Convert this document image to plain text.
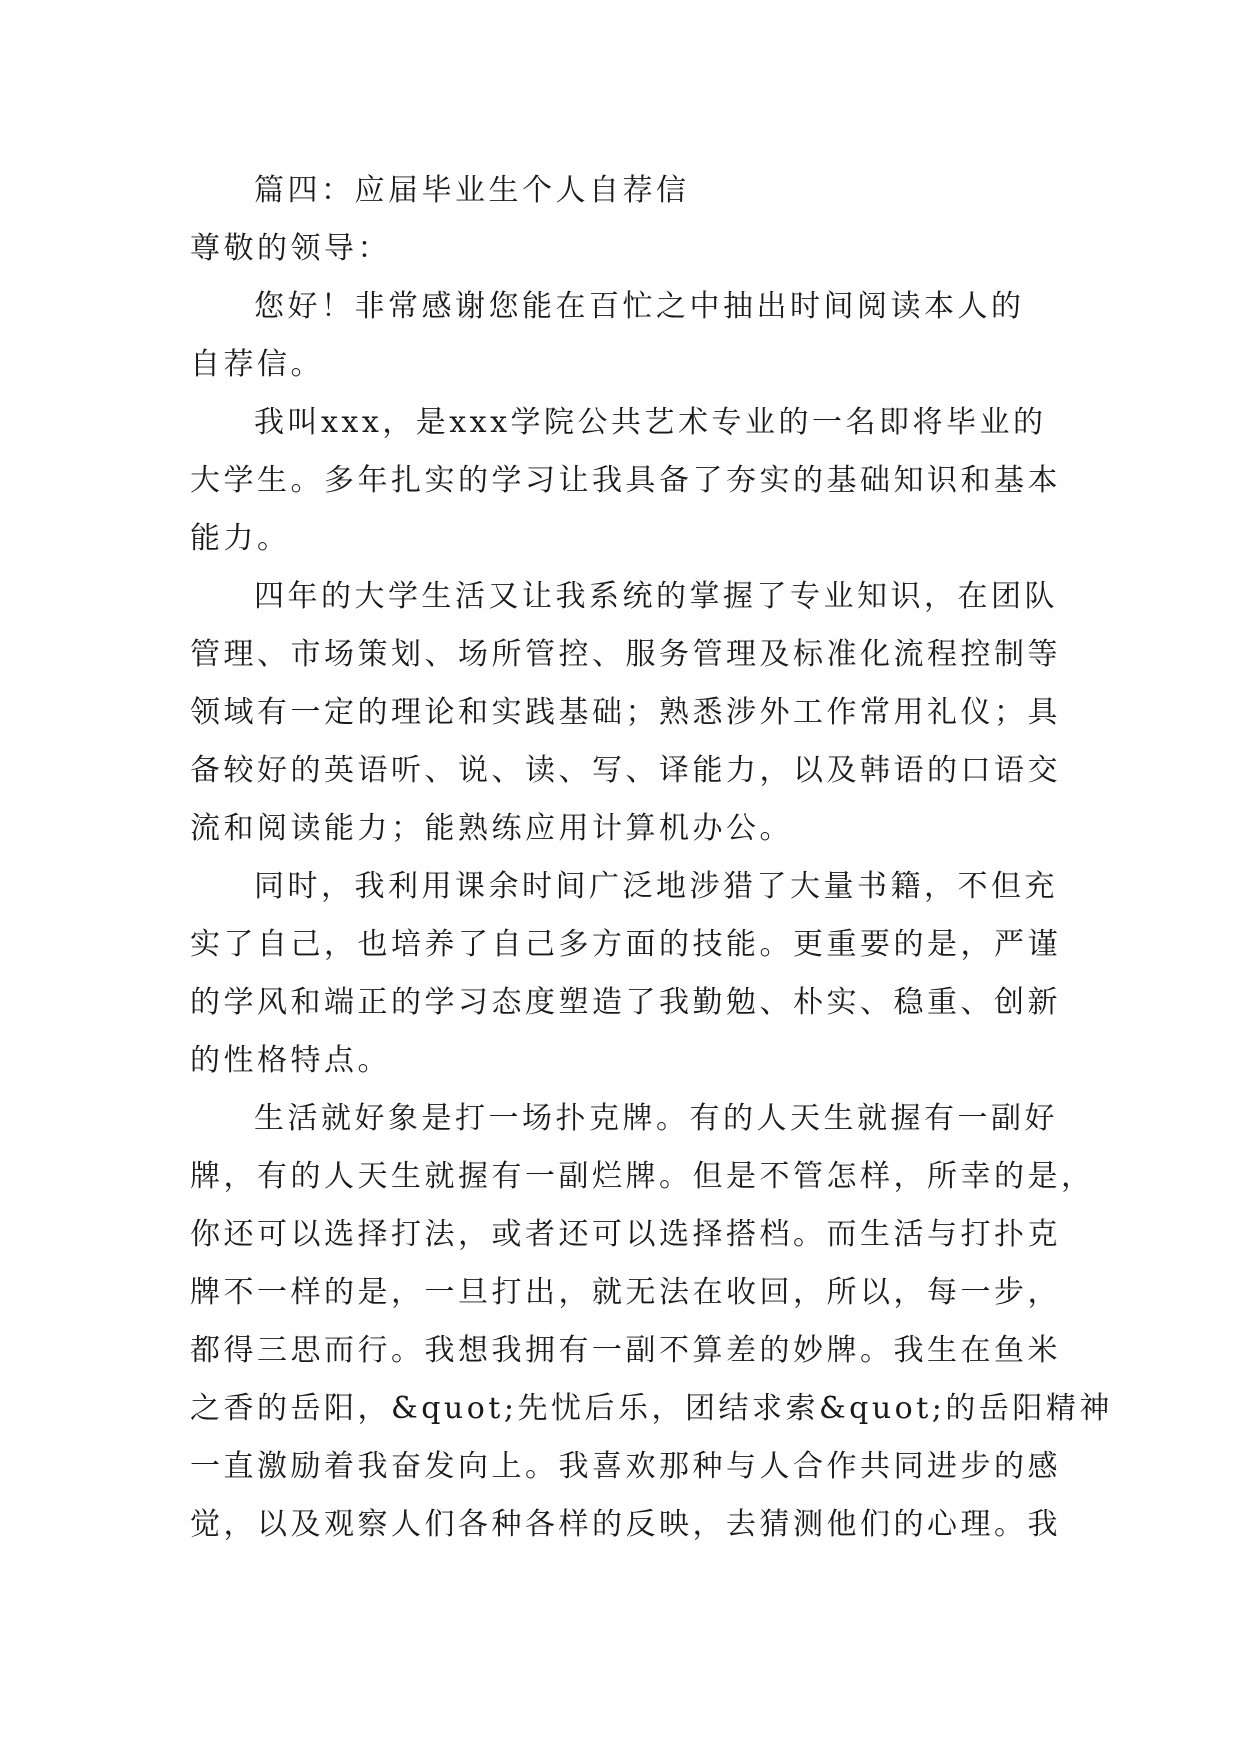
篇四：应届毕业生个人自荐信
尊敬的领导：
您好！非常感谢您能在百忙之中抽出时间阅读本人的
自荐信。
我叫xxx，是xxx学院公共艺术专业的一名即将毕业的
大学生。多年扎实的学习让我具备了夯实的基础知识和基本
能力。
四年的大学生活又让我系统的掌握了专业知识，在团队
管理、市场策划、场所管控、服务管理及标准化流程控制等
领域有一定的理论和实践基础；熟悉涉外工作常用礼仪；具
备较好的英语听、说、读、写、译能力，以及韩语的口语交
流和阅读能力；能熟练应用计算机办公。
同时，我利用课余时间广泛地涉猎了大量书籍，不但充
实了自己，也培养了自己多方面的技能。更重要的是，严谨
的学风和端正的学习态度塑造了我勤勉、朴实、稳重、创新
的性格特点。
生活就好象是打一场扑克牌。有的人天生就握有一副好
牌，有的人天生就握有一副烂牌。但是不管怎样，所幸的是，
你还可以选择打法，或者还可以选择搭档。而生活与打扑克
牌不一样的是，一旦打出，就无法在收回，所以，每一步，
都得三思而行。我想我拥有一副不算差的妙牌。我生在鱼米
之香的岳阳，&quot;先忧后乐，团结求索&quot;的岳阳精神
一直激励着我奋发向上。我喜欢那种与人合作共同进步的感
觉，以及观察人们各种各样的反映，去猜测他们的心理。我
